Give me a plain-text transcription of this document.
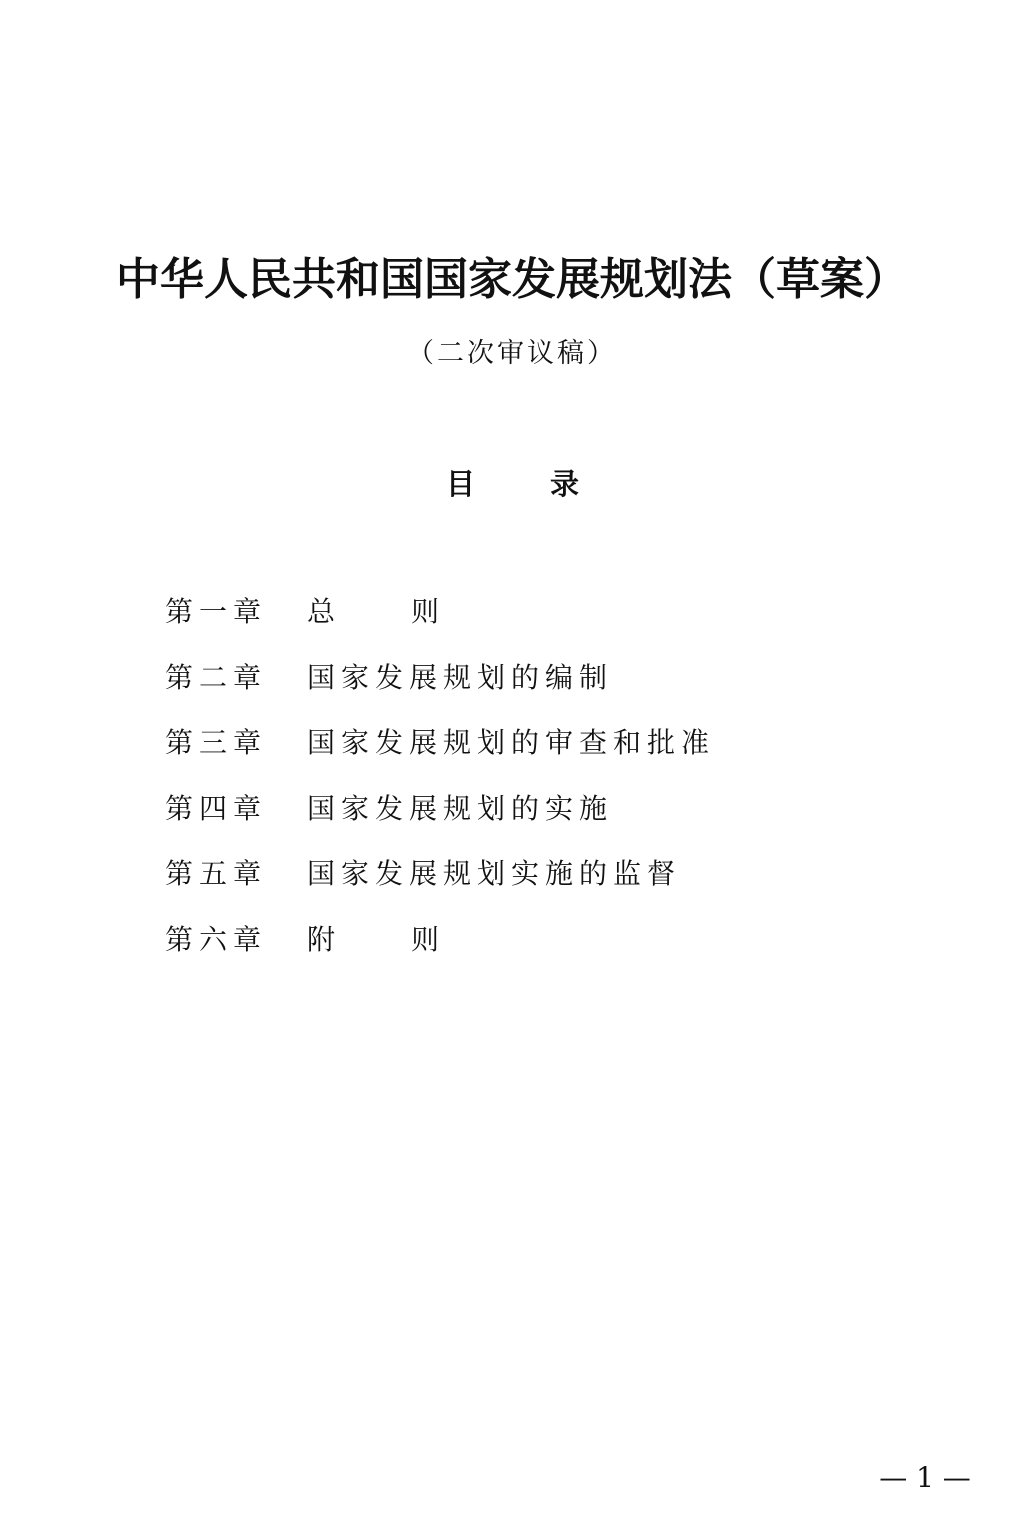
中华人民共和国国家发展规划法（草案）
（二次审议稿）
目	录
第一章 总	则
第二章 国家发展规划的编制
第三章 国家发展规划的审查和批准
第四章 国家发展规划的实施
第五章 国家发展规划实施的监督
第六章 附	则
— 1 —
